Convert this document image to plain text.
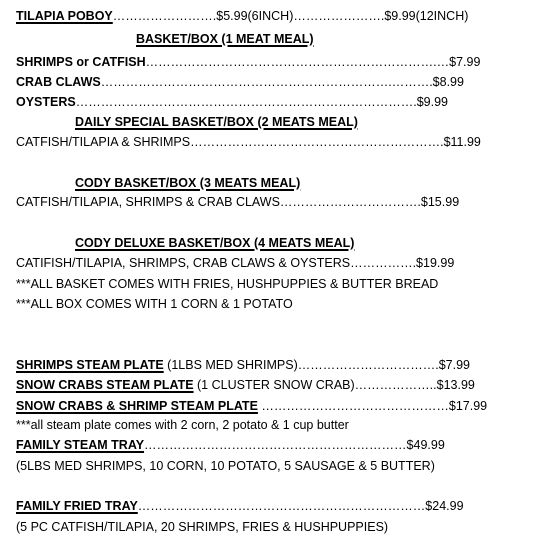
TILAPIA POBOY…………………….$5.99(6INCH)………………….$9.99(12INCH)
BASKET/BOX (1 MEAT MEAL)
SHRIMPS or CATFISH…………………………………………………………….…$7.99
CRAB CLAWS…………………………………………………………….……….$8.99
OYSTERS……………………………………………………………………….$9.99
DAILY SPECIAL BASKET/BOX (2 MEATS MEAL)
CATFISH/TILAPIA & SHRIMPS…………………………………………………….$11.99
CODY BASKET/BOX (3 MEATS MEAL)
CATFISH/TILAPIA, SHRIMPS & CRAB CLAWS…………………………….$15.99
CODY DELUXE BASKET/BOX (4 MEATS MEAL)
CATIFISH/TILAPIA, SHRIMPS, CRAB CLAWS & OYSTERS…………….$19.99
***ALL BASKET COMES WITH FRIES, HUSHPUPPIES & BUTTER BREAD
***ALL BOX COMES WITH 1 CORN & 1 POTATO
SHRIMPS STEAM PLATE (1LBS MED SHRIMPS)…………………………….$7.99
SNOW CRABS STEAM PLATE (1 CLUSTER SNOW CRAB)………………..$13.99
SNOW CRABS & SHRIMP STEAM PLATE ………………………………………$17.99
***all steam plate comes with 2 corn, 2 potato & 1 cup butter
FAMILY STEAM TRAY………………………………………………………$49.99
(5LBS MED SHRIMPS, 10 CORN, 10 POTATO, 5 SAUSAGE & 5 BUTTER)
FAMILY FRIED TRAY……………………………………………………………$24.99
(5 PC CATFISH/TILAPIA, 20 SHRIMPS, FRIES & HUSHPUPPIES)
